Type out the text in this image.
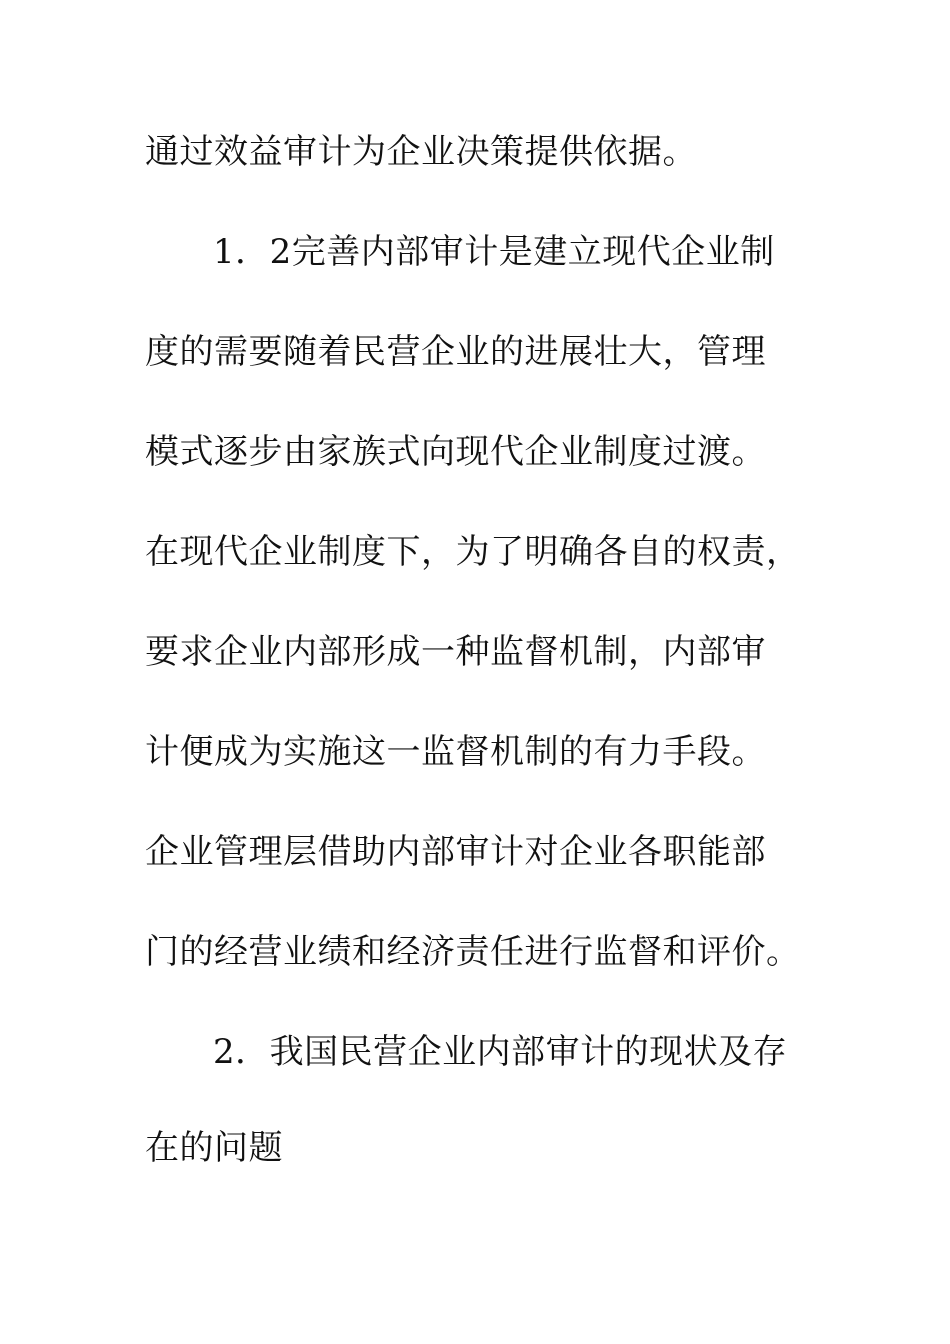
通过效益审计为企业决策提供依据。
1．2完善内部审计是建立现代企业制
度的需要随着民营企业的进展壮大，管理
模式逐步由家族式向现代企业制度过渡。
在现代企业制度下，为了明确各自的权责，
要求企业内部形成一种监督机制，内部审
计便成为实施这一监督机制的有力手段。
企业管理层借助内部审计对企业各职能部
门的经营业绩和经济责任进行监督和评价。
2．我国民营企业内部审计的现状及存
在的问题
